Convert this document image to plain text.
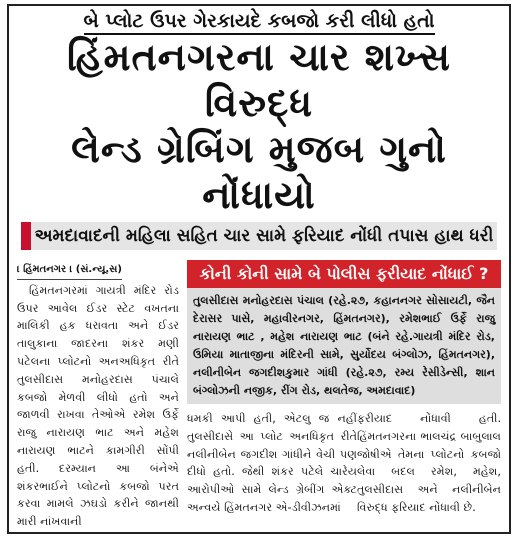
બે પ્લોટ ઉપર ગેરકાયદે કબજો કરી લીધો હતો
હિંમતનગરના ચાર શખ્સ વિરુદ્ધ
લેન્ડ ગ્રેબિંગ મુજબ ગુનો નોંધાયો
અમદાવાદની મહિલા સહિત ચાર સામે ફરિયાદ નોંધી તપાસ હાથ ધરી
। હિંમતનગર । (સં.ન્યૂ.સ)

હિંમતનગરમાં ગાયત્રી મંદિર રોડ ઉપર આવેલ ઈડર સ્ટેટ વખતના માલિકી હક ધરાવતા અને ઈડર તાલુકાના જાદરના શંકર મણી પટેલના પ્લોટનો અનઅધિકૃત રીતે તુલસીદાસ મનોહરદાસ પંચાલે કબજો મેળવી લીધો હતો અને જાળવી રાખવા તેઓએ રમેશ ઉર્ફે રાજુ નારાયણ ભાટ અને મહેશ નારાયણ ભાટને કામગીરી સોંપી હતી. દરમ્યાન આ બંનેએ શંકરભાઈને પ્લોટનો કબજો પરત કરવા મામલે ઝઘડો કરીને જાનથી મારી નાંખવાની

કોની કોની સામે બે પોલીસ ફરીયાદ નોંધાઈ ?
તુલસીદાસ મનોહરદાસ પંચાલ (રહે.૨૭, કહાનનગર સોસાયટી, જૈન દેરાસર પાસે, મહાવીરનગર, હિંમતનગર), રમેશભાઈ ઉર્ફે રાજુ નારાયણ ભાટ , મહેશ નારાયણ ભાટ (બંને રહે.ગાયત્રી મંદિર રોડ, ઉમિયા માતાજીના મંદિરની સામે, સુર્યોદય બંગ્લોઝ, હિંમતનગર), નલીનીબેન જગદીશકુમાર ગાંધી (રહે.૨૭, રમ્ય રેસીડેન્સી, શાન બંગ્લોઝની નજીક, રીંગ રોડ, થલતેજ, અમદાવાદ)

ધમકી આપી હતી, એટલુ જ નહીં તુલસીદાસે આ પ્લોટ અનધિકૃત રીતે નલીનીબેન જગદીશ ગાંધીને વેચી પણ દીધો હતો. જેથી શંકર પટેલે ચારેય આરોપીઓ સામે લેન્ડ ગ્રેબીંગ એક્ટ અન્વયે હિંમતનગર એ-ડીવીઝનમાં

ફરીયાદ નોંધાવી હતી. હિંમતનગરના ભાલચંદ્ર બાબુલાલ જોષીએ તેમના પ્લોટનો કબજો લેવા બદલ રમેશ, મહેશ, તુલસીદાસ અને નલીનીબેન વિરુદ્ધ ફરિયાદ નોંધાવી છે.
